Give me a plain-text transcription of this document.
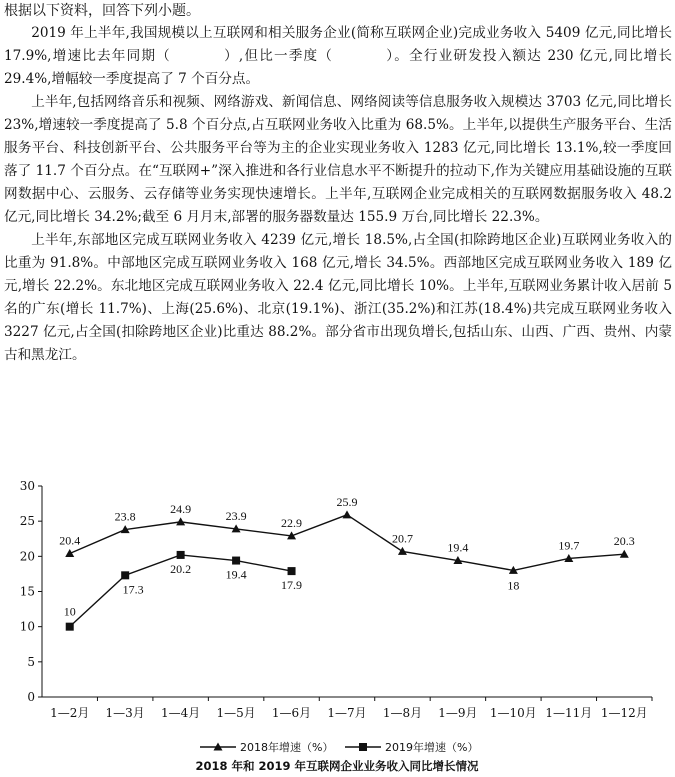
根据以下资料，回答下列小题。

2019 年上半年,我国规模以上互联网和相关服务企业(简称互联网企业)完成业务收入 5409 亿元,同比增长 17.9%,增速比去年同期（	）,但比一季度（	）。全行业研发投入额达 230 亿元,同比增长 29.4%,增幅较一季度提高了 7 个百分点。

上半年,包括网络音乐和视频、网络游戏、新闻信息、网络阅读等信息服务收入规模达 3703 亿元,同比增长 23%,增速较一季度提高了 5.8 个百分点,占互联网业务收入比重为 68.5%。上半年,以提供生产服务平台、生活服务平台、科技创新平台、公共服务平台等为主的企业实现业务收入 1283 亿元,同比增长 13.1%,较一季度回落了 11.7 个百分点。在“互联网+”深入推进和各行业信息水平不断提升的拉动下,作为关键应用基础设施的互联网数据中心、云服务、云存储等业务实现快速增长。上半年,互联网企业完成相关的互联网数据服务收入 48.2 亿元,同比增长 34.2%;截至 6 月月末,部署的服务器数量达 155.9 万台,同比增长 22.3%。

上半年,东部地区完成互联网业务收入 4239 亿元,增长 18.5%,占全国(扣除跨地区企业)互联网业务收入的比重为 91.8%。中部地区完成互联网业务收入 168 亿元,增长 34.5%。西部地区完成互联网业务收入 189 亿元,增长 22.2%。东北地区完成互联网业务收入 22.4 亿元,同比增长 10%。上半年,互联网业务累计收入居前 5 名的广东(增长 11.7%)、上海(25.6%)、北京(19.1%)、浙江(35.2%)和江苏(18.4%)共完成互联网业务收入 3227 亿元,占全国(扣除跨地区企业)比重达 88.2%。部分省市出现负增长,包括山东、山西、广西、贵州、内蒙古和黑龙江。

0
5
10
15
20
25
30
1—2月 1—3月 1—4月 1—5月 1—6月 1—7月 1—8月 1—9月 1—10月 1—11月 1—12月
20.4
23.8
24.9
23.9
22.9
25.9
20.7
19.4
18
19.7	20.3
10
17.3
20.2	19.4
17.9
2018年增速（%）	2019年增速（%）
2018 年和 2019 年互联网企业业务收入同比增长情况
